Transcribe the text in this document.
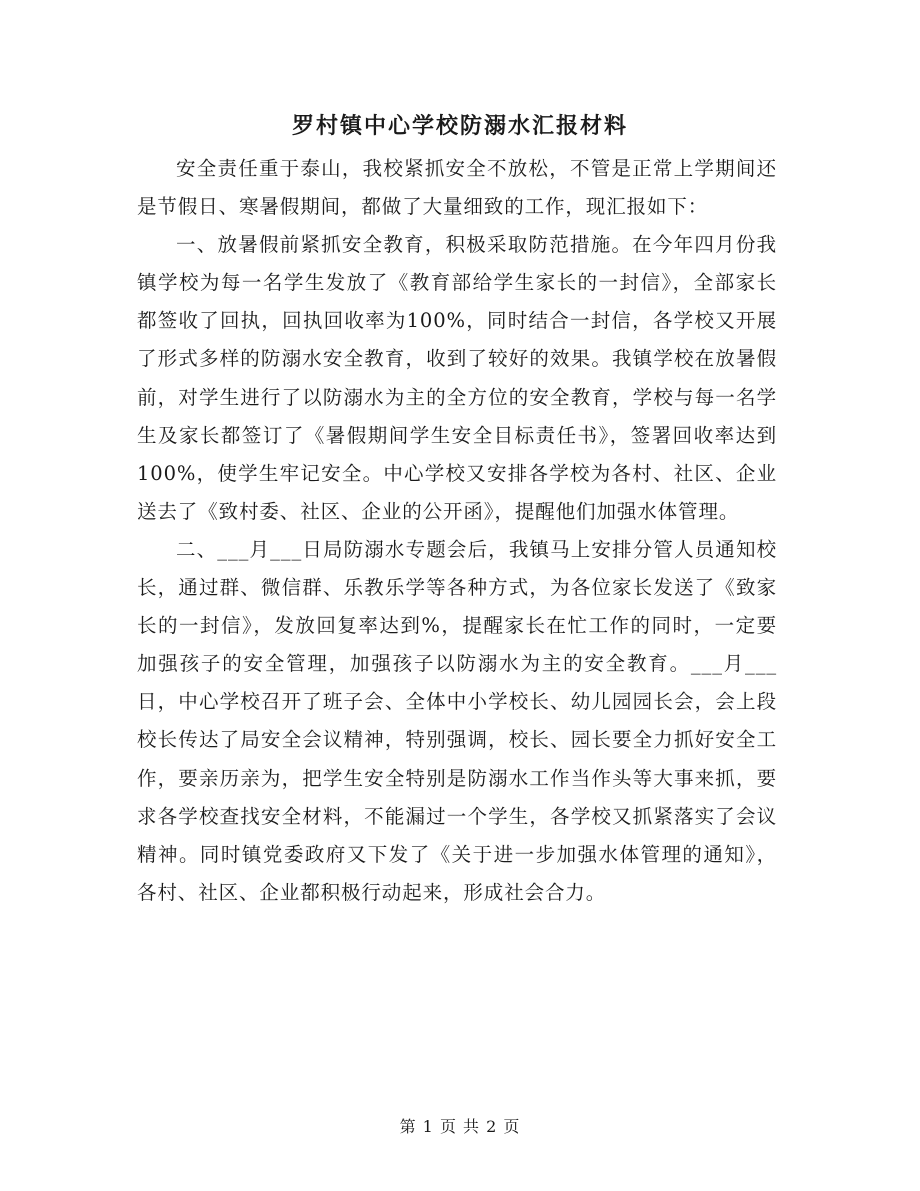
罗村镇中心学校防溺水汇报材料

安全责任重于泰山，我校紧抓安全不放松，不管是正常上学期间还是节假日、寒暑假期间，都做了大量细致的工作，现汇报如下：

一、放暑假前紧抓安全教育，积极采取防范措施。在今年四月份我镇学校为每一名学生发放了《教育部给学生家长的一封信》，全部家长都签收了回执，回执回收率为100%，同时结合一封信，各学校又开展了形式多样的防溺水安全教育，收到了较好的效果。我镇学校在放暑假前，对学生进行了以防溺水为主的全方位的安全教育，学校与每一名学生及家长都签订了《暑假期间学生安全目标责任书》，签署回收率达到100%，使学生牢记安全。中心学校又安排各学校为各村、社区、企业送去了《致村委、社区、企业的公开函》，提醒他们加强水体管理。

二、___月___日局防溺水专题会后，我镇马上安排分管人员通知校长，通过群、微信群、乐教乐学等各种方式，为各位家长发送了《致家长的一封信》，发放回复率达到%，提醒家长在忙工作的同时，一定要加强孩子的安全管理，加强孩子以防溺水为主的安全教育。___月___日，中心学校召开了班子会、全体中小学校长、幼儿园园长会，会上段校长传达了局安全会议精神，特别强调，校长、园长要全力抓好安全工作，要亲历亲为，把学生安全特别是防溺水工作当作头等大事来抓，要求各学校查找安全材料，不能漏过一个学生，各学校又抓紧落实了会议精神。同时镇党委政府又下发了《关于进一步加强水体管理的通知》，各村、社区、企业都积极行动起来，形成社会合力。

第 1 页 共 2 页
